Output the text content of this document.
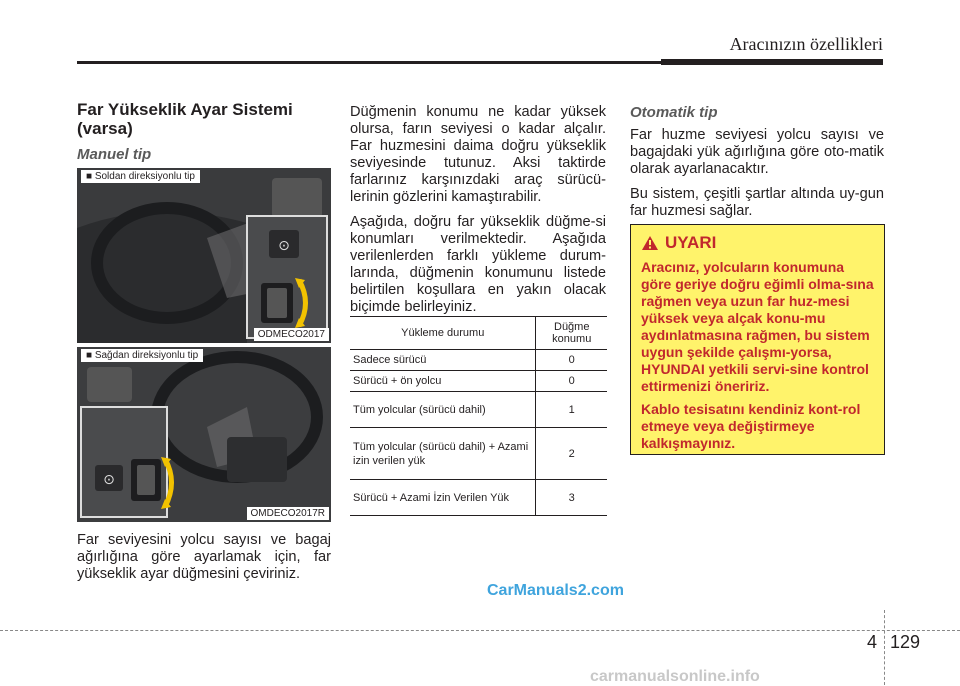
Aracınızın özellikleri
Far Yükseklik Ayar Sistemi (varsa)
Manuel tip
⊙
■ Soldan direksiyonlu tip
ODMECO2017
⊙
■ Sağdan direksiyonlu tip
OMDECO2017R

Far seviyesini yolcu sayısı ve bagaj ağırlığına göre ayarlamak için, far yükseklik ayar düğmesini çeviriniz.

Düğmenin konumu ne kadar yüksek olursa, farın seviyesi o kadar alçalır. Far huzmesini daima doğru yükseklik seviyesinde tutunuz. Aksi taktirde farlarınız karşınızdaki araç sürücü-lerinin gözlerini kamaştırabilir.

Aşağıda, doğru far yükseklik düğme-si konumları verilmektedir. Aşağıda verilenlerden farklı yükleme durum-larında, düğmenin konumunu listede belirtilen koşullara en yakın olacak biçimde belirleyiniz.

Yükleme durumu	Düğme konumu
Sadece sürücü	0
Sürücü + ön yolcu	0
Tüm yolcular (sürücü dahil)	1
Tüm yolcular (sürücü dahil) + Azami izin verilen yük	2
Sürücü + Azami İzin Verilen Yük	3
Otomatik tip

Far huzme seviyesi yolcu sayısı ve bagajdaki yük ağırlığına göre oto-matik olarak ayarlanacaktır.

Bu sistem, çeşitli şartlar altında uy-gun far huzmesi sağlar.

UYARI

Aracınız, yolcuların konumuna göre geriye doğru eğimli olma-sına rağmen veya uzun far huz-mesi yüksek veya alçak konu-mu aydınlatmasına rağmen, bu sistem uygun şekilde çalışmı-yorsa, HYUNDAI yetkili servi-sine kontrol ettirmenizi öneririz.

Kablo tesisatını kendiniz kont-rol etmeye veya değiştirmeye kalkışmayınız.

CarManuals2.com
4 129
carmanualsonline.info
